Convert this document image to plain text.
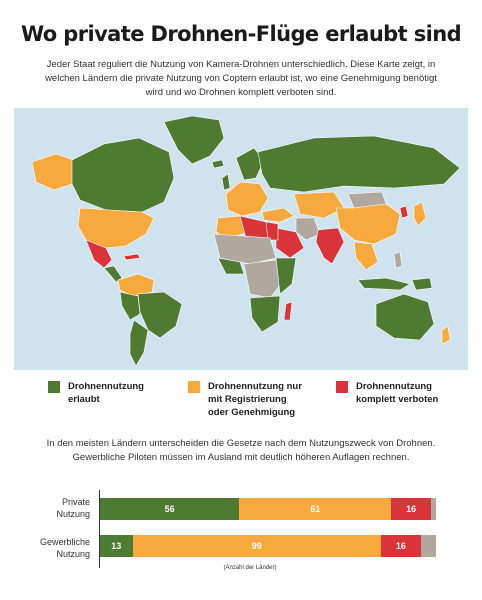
Wo private Drohnen-Flüge erlaubt sind
Jeder Staat reguliert die Nutzung von Kamera-Drohnen unterschiedlich. Diese Karte zeigt, in welchen Ländern die private Nutzung von Coptern erlaubt ist, wo eine Genehmigung benötigt wird und wo Drohnen komplett verboten sind.
Drohnennutzung
erlaubt
Drohnennutzung nur
mit Registrierung
oder Genehmigung
Drohnennutzung
komplett verboten
In den meisten Ländern unterscheiden die Gesetze nach dem Nutzungszweck von Drohnen. Gewerbliche Piloten müssen im Ausland mit deutlich höheren Auflagen rechnen.
Private
Nutzung
Gewerbliche
Nutzung
56	61	16
13	99	16
(Anzahl der Länder)
